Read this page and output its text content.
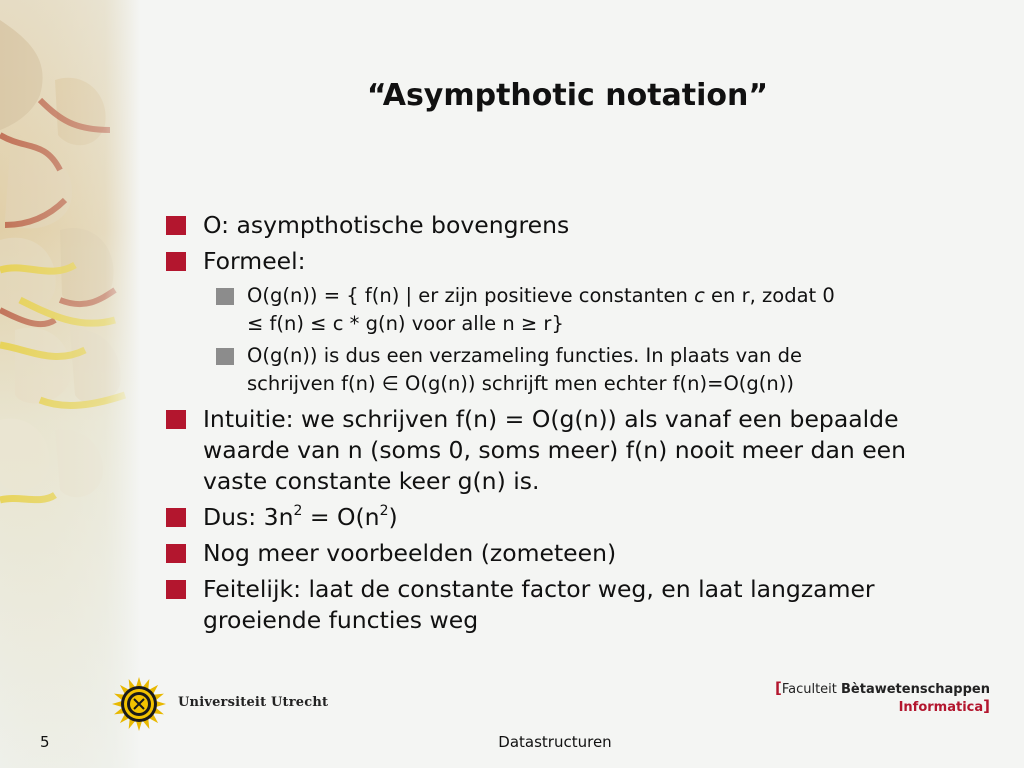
“Asympthotic notation”
O: asympthotische bovengrens
Formeel:
O(g(n)) = { f(n) | er zijn positieve constanten c en r, zodat 0
≤ f(n) ≤ c * g(n) voor alle n ≥ r}
O(g(n)) is dus een verzameling functies. In plaats van de
schrijven f(n) ∈ O(g(n)) schrijft men echter f(n)=O(g(n))
Intuitie: we schrijven f(n) = O(g(n)) als vanaf een bepaalde waarde van n (soms 0, soms meer) f(n) nooit meer dan een vaste constante keer g(n) is.
Dus: $3n^2 = O(n^2)$
Nog meer voorbeelden (zometeen)
Feitelijk: laat de constante factor weg, en laat langzamer groeiende functies weg
Universiteit Utrecht
[Faculteit Bètawetenschappen
Informatica]
5	Datastructuren
